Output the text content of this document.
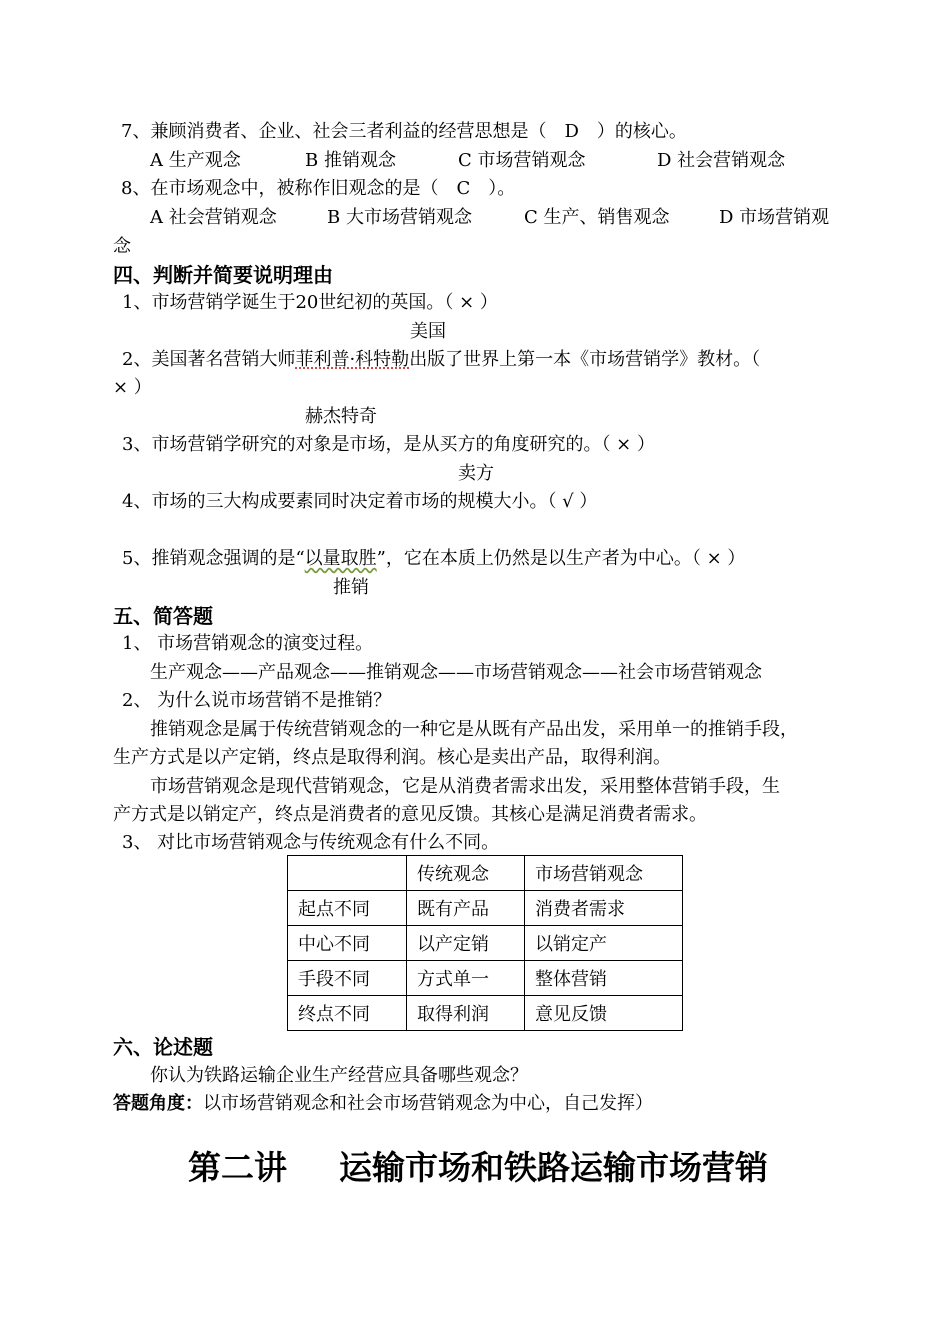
7、兼顾消费者、企业、社会三者利益的经营思想是（　D　）的核心。
A 生产观念	B 推销观念	C 市场营销观念	D 社会营销观念
8、在市场观念中，被称作旧观念的是（　C　）。
A 社会营销观念	B 大市场营销观念	C 生产、销售观念	D 市场营销观
念
四、判断并简要说明理由
1、市场营销学诞生于20世纪初的英国。（ × ）
美国
2、美国著名营销大师菲利普·科特勒出版了世界上第一本《市场营销学》教材。（
× ）
赫杰特奇
3、市场营销学研究的对象是市场，是从买方的角度研究的。（ × ）
卖方
4、市场的三大构成要素同时决定着市场的规模大小。（ √ ）
5、推销观念强调的是“以量取胜”，它在本质上仍然是以生产者为中心。（ × ）
推销
五、简答题
1、 市场营销观念的演变过程。
生产观念——产品观念——推销观念——市场营销观念——社会市场营销观念
2、 为什么说市场营销不是推销？
推销观念是属于传统营销观念的一种它是从既有产品出发，采用单一的推销手段，
生产方式是以产定销，终点是取得利润。核心是卖出产品，取得利润。
市场营销观念是现代营销观念，它是从消费者需求出发，采用整体营销手段，生
产方式是以销定产，终点是消费者的意见反馈。其核心是满足消费者需求。
3、 对比市场营销观念与传统观念有什么不同。
	传统观念	市场营销观念
起点不同	既有产品	消费者需求
中心不同	以产定销	以销定产
手段不同	方式单一	整体营销
终点不同	取得利润	意见反馈
六、论述题
你认为铁路运输企业生产经营应具备哪些观念？
答题角度：以市场营销观念和社会市场营销观念为中心，自己发挥）
第二讲 运输市场和铁路运输市场营销
